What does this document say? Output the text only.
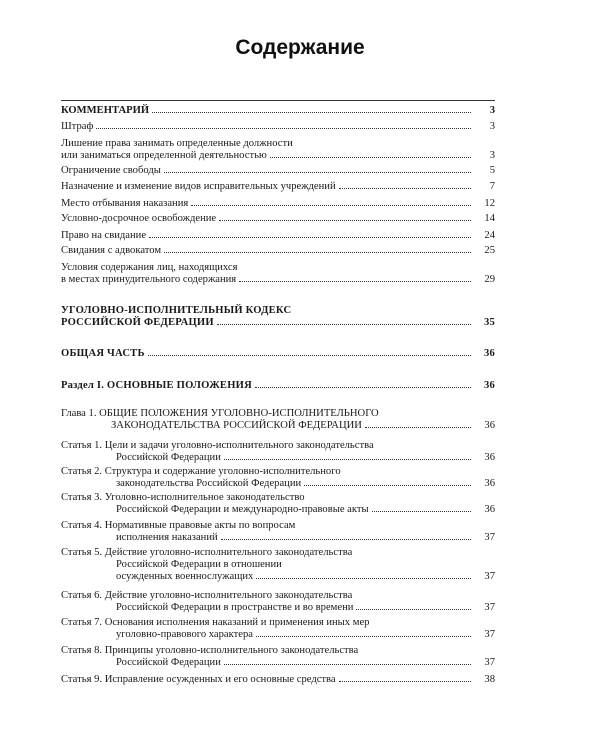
Содержание
КОММЕНТАРИЙ	3
Штраф	3
Лишение права занимать определенные должности
или заниматься определенной деятельностью	3
Ограничение свободы	5
Назначение и изменение видов исправительных учреждений	7
Место отбывания наказания	12
Условно-досрочное освобождение	14
Право на свидание	24
Свидания с адвокатом	25
Условия содержания лиц, находящихся
в местах принудительного содержания	29
УГОЛОВНО-ИСПОЛНИТЕЛЬНЫЙ КОДЕКС
РОССИЙСКОЙ ФЕДЕРАЦИИ	35
ОБЩАЯ ЧАСТЬ	36
Раздел I. ОСНОВНЫЕ ПОЛОЖЕНИЯ	36
Глава 1. ОБЩИЕ ПОЛОЖЕНИЯ УГОЛОВНО-ИСПОЛНИТЕЛЬНОГО
ЗАКОНОДАТЕЛЬСТВА РОССИЙСКОЙ ФЕДЕРАЦИИ	36
Статья 1. Цели и задачи уголовно-исполнительного законодательства
Российской Федерации	36
Статья 2. Структура и содержание уголовно-исполнительного
законодательства Российской Федерации	36
Статья 3. Уголовно-исполнительное законодательство
Российской Федерации и международно-правовые акты	36
Статья 4. Нормативные правовые акты по вопросам
исполнения наказаний	37
Статья 5. Действие уголовно-исполнительного законодательства
Российской Федерации в отношении
осужденных военнослужащих	37
Статья 6. Действие уголовно-исполнительного законодательства
Российской Федерации в пространстве и во времени	37
Статья 7. Основания исполнения наказаний и применения иных мер
уголовно-правового характера	37
Статья 8. Принципы уголовно-исполнительного законодательства
Российской Федерации	37
Статья 9. Исправление осужденных и его основные средства	38
